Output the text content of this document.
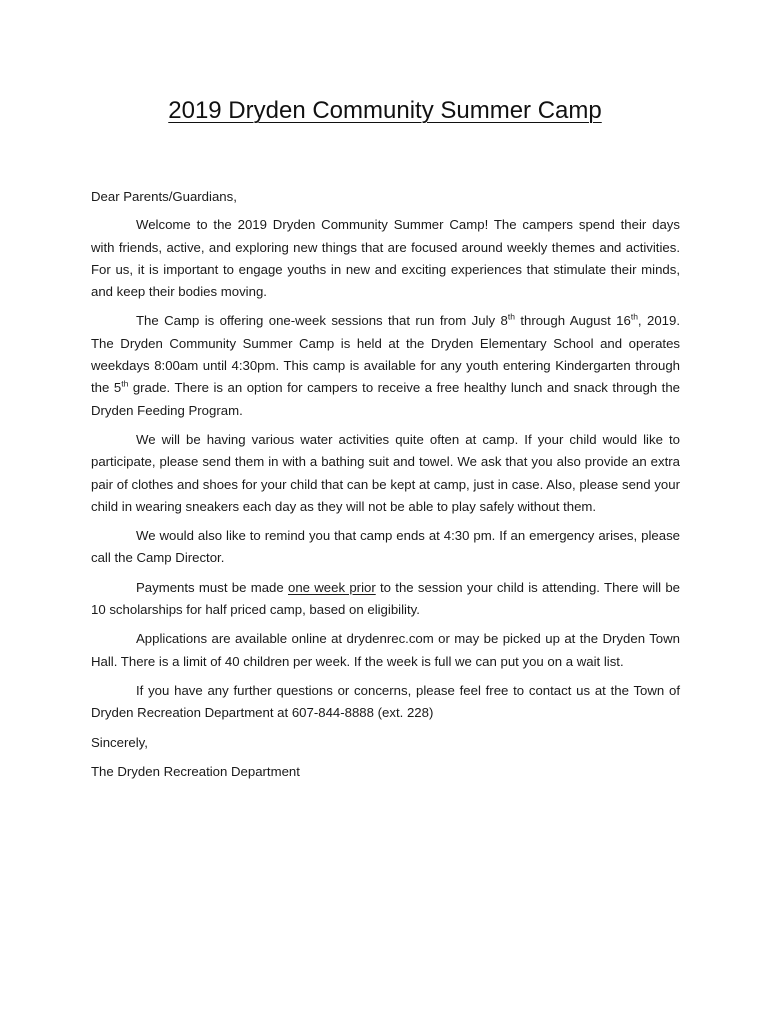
2019 Dryden Community Summer Camp

Dear Parents/Guardians,

Welcome to the 2019 Dryden Community Summer Camp! The campers spend their days with friends, active, and exploring new things that are focused around weekly themes and activities. For us, it is important to engage youths in new and exciting experiences that stimulate their minds, and keep their bodies moving.

The Camp is offering one-week sessions that run from July 8th through August 16th, 2019. The Dryden Community Summer Camp is held at the Dryden Elementary School and operates weekdays 8:00am until 4:30pm. This camp is available for any youth entering Kindergarten through the 5th grade. There is an option for campers to receive a free healthy lunch and snack through the Dryden Feeding Program.

We will be having various water activities quite often at camp. If your child would like to participate, please send them in with a bathing suit and towel. We ask that you also provide an extra pair of clothes and shoes for your child that can be kept at camp, just in case. Also, please send your child in wearing sneakers each day as they will not be able to play safely without them.

We would also like to remind you that camp ends at 4:30 pm. If an emergency arises, please call the Camp Director.

Payments must be made one week prior to the session your child is attending. There will be 10 scholarships for half priced camp, based on eligibility.

Applications are available online at drydenrec.com or may be picked up at the Dryden Town Hall. There is a limit of 40 children per week. If the week is full we can put you on a wait list.

If you have any further questions or concerns, please feel free to contact us at the Town of Dryden Recreation Department at 607-844-8888 (ext. 228)

Sincerely,

The Dryden Recreation Department
